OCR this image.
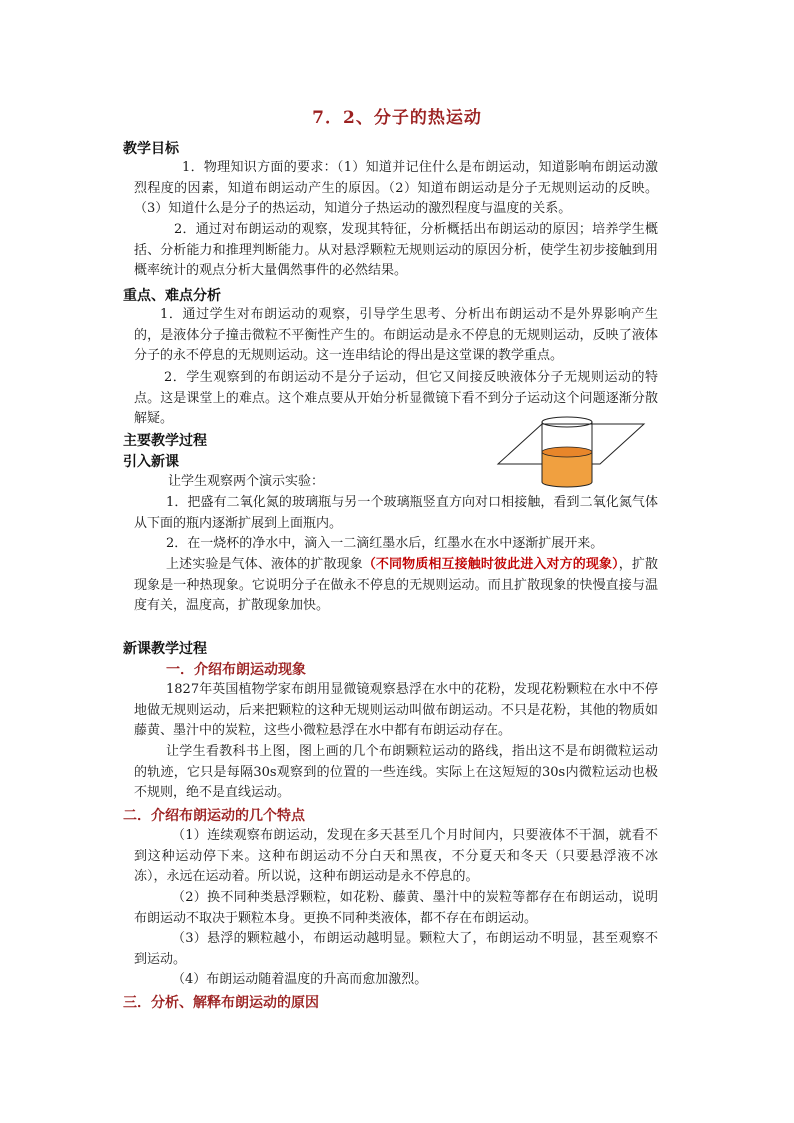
7．2、分子的热运动
教学目标
1．物理知识方面的要求：（1）知道并记住什么是布朗运动，知道影响布朗运动激烈程度的因素，知道布朗运动产生的原因。（2）知道布朗运动是分子无规则运动的反映。（3）知道什么是分子的热运动，知道分子热运动的激烈程度与温度的关系。
2．通过对布朗运动的观察，发现其特征，分析概括出布朗运动的原因；培养学生概括、分析能力和推理判断能力。从对悬浮颗粒无规则运动的原因分析，使学生初步接触到用概率统计的观点分析大量偶然事件的必然结果。
重点、难点分析
1．通过学生对布朗运动的观察，引导学生思考、分析出布朗运动不是外界影响产生的，是液体分子撞击微粒不平衡性产生的。布朗运动是永不停息的无规则运动，反映了液体分子的永不停息的无规则运动。这一连串结论的得出是这堂课的教学重点。
2．学生观察到的布朗运动不是分子运动，但它又间接反映液体分子无规则运动的特点。这是课堂上的难点。这个难点要从开始分析显微镜下看不到分子运动这个问题逐渐分散解疑。
主要教学过程
引入新课
让学生观察两个演示实验：
1．把盛有二氧化氮的玻璃瓶与另一个玻璃瓶竖直方向对口相接触，看到二氧化氮气体从下面的瓶内逐渐扩展到上面瓶内。
2．在一烧杯的净水中，滴入一二滴红墨水后，红墨水在水中逐渐扩展开来。
上述实验是气体、液体的扩散现象（不同物质相互接触时彼此进入对方的现象），扩散现象是一种热现象。它说明分子在做永不停息的无规则运动。而且扩散现象的快慢直接与温度有关，温度高，扩散现象加快。
新课教学过程
一．介绍布朗运动现象
1827年英国植物学家布朗用显微镜观察悬浮在水中的花粉，发现花粉颗粒在水中不停地做无规则运动，后来把颗粒的这种无规则运动叫做布朗运动。不只是花粉，其他的物质如藤黄、墨汁中的炭粒，这些小微粒悬浮在水中都有布朗运动存在。
让学生看教科书上图，图上画的几个布朗颗粒运动的路线，指出这不是布朗微粒运动的轨迹，它只是每隔30s观察到的位置的一些连线。实际上在这短短的30s内微粒运动也极不规则，绝不是直线运动。
二．介绍布朗运动的几个特点
（1）连续观察布朗运动，发现在多天甚至几个月时间内，只要液体不干涸，就看不到这种运动停下来。这种布朗运动不分白天和黑夜，不分夏天和冬天（只要悬浮液不冰冻），永远在运动着。所以说，这种布朗运动是永不停息的。
（2）换不同种类悬浮颗粒，如花粉、藤黄、墨汁中的炭粒等都存在布朗运动，说明布朗运动不取决于颗粒本身。更换不同种类液体，都不存在布朗运动。
（3）悬浮的颗粒越小，布朗运动越明显。颗粒大了，布朗运动不明显，甚至观察不到运动。
（4）布朗运动随着温度的升高而愈加激烈。
三．分析、解释布朗运动的原因
